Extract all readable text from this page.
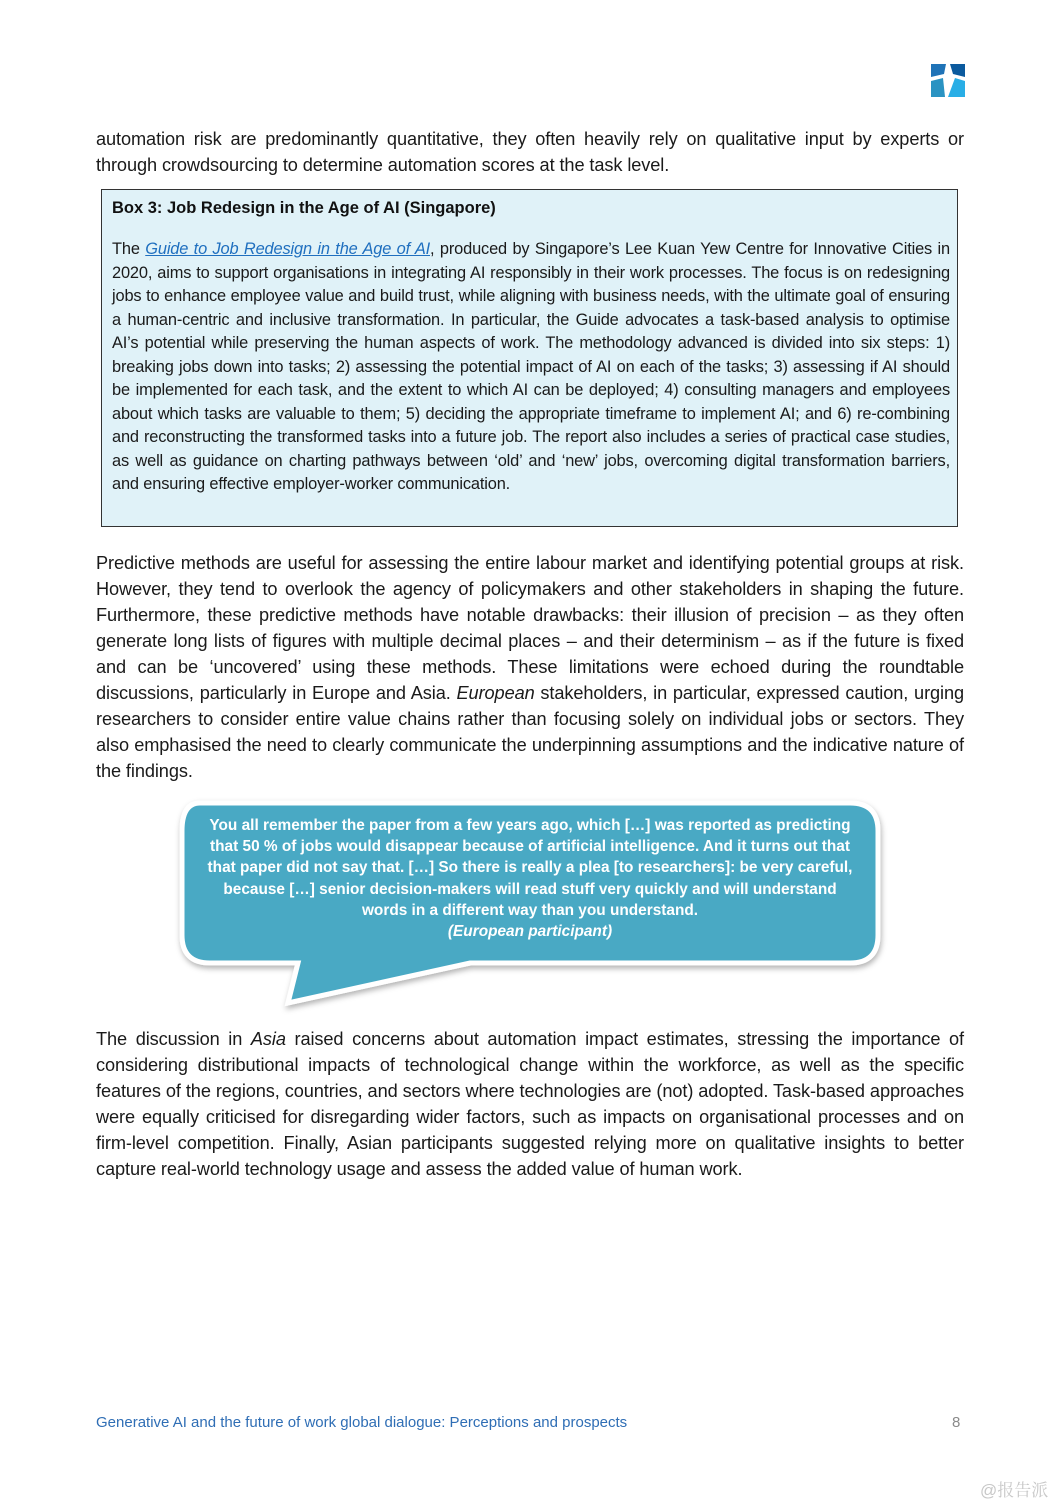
automation risk are predominantly quantitative, they often heavily rely on qualitative input by experts or through crowdsourcing to determine automation scores at the task level.

Box 3: Job Redesign in the Age of AI (Singapore)

The Guide to Job Redesign in the Age of AI, produced by Singapore’s Lee Kuan Yew Centre for Innovative Cities in 2020, aims to support organisations in integrating AI responsibly in their work processes. The focus is on redesigning jobs to enhance employee value and build trust, while aligning with business needs, with the ultimate goal of ensuring a human-centric and inclusive transformation. In particular, the Guide advocates a task-based analysis to optimise AI’s potential while preserving the human aspects of work. The methodology advanced is divided into six steps: 1) breaking jobs down into tasks; 2) assessing the potential impact of AI on each of the tasks; 3) assessing if AI should be implemented for each task, and the extent to which AI can be deployed; 4) consulting managers and employees about which tasks are valuable to them; 5) deciding the appropriate timeframe to implement AI; and 6) re-combining and reconstructing the transformed tasks into a future job. The report also includes a series of practical case studies, as well as guidance on charting pathways between ‘old’ and ‘new’ jobs, overcoming digital transformation barriers, and ensuring effective employer-worker communication.

Predictive methods are useful for assessing the entire labour market and identifying potential groups at risk. However, they tend to overlook the agency of policymakers and other stakeholders in shaping the future. Furthermore, these predictive methods have notable drawbacks: their illusion of precision – as they often generate long lists of figures with multiple decimal places – and their determinism – as if the future is fixed and can be ‘uncovered’ using these methods. These limitations were echoed during the roundtable discussions, particularly in Europe and Asia. European stakeholders, in particular, expressed caution, urging researchers to consider entire value chains rather than focusing solely on individual jobs or sectors. They also emphasised the need to clearly communicate the underpinning assumptions and the indicative nature of the findings.

You all remember the paper from a few years ago, which […] was reported as predicting that 50 % of jobs would disappear because of artificial intelligence. And it turns out that that paper did not say that. […] So there is really a plea [to researchers]: be very careful, because […] senior decision-makers will read stuff very quickly and will understand words in a different way than you understand.
(European participant)

The discussion in Asia raised concerns about automation impact estimates, stressing the importance of considering distributional impacts of technological change within the workforce, as well as the specific features of the regions, countries, and sectors where technologies are (not) adopted. Task-based approaches were equally criticised for disregarding wider factors, such as impacts on organisational processes and on firm-level competition. Finally, Asian participants suggested relying more on qualitative insights to better capture real-world technology usage and assess the added value of human work.

Generative AI and the future of work global dialogue: Perceptions and prospects	8
@报告派
